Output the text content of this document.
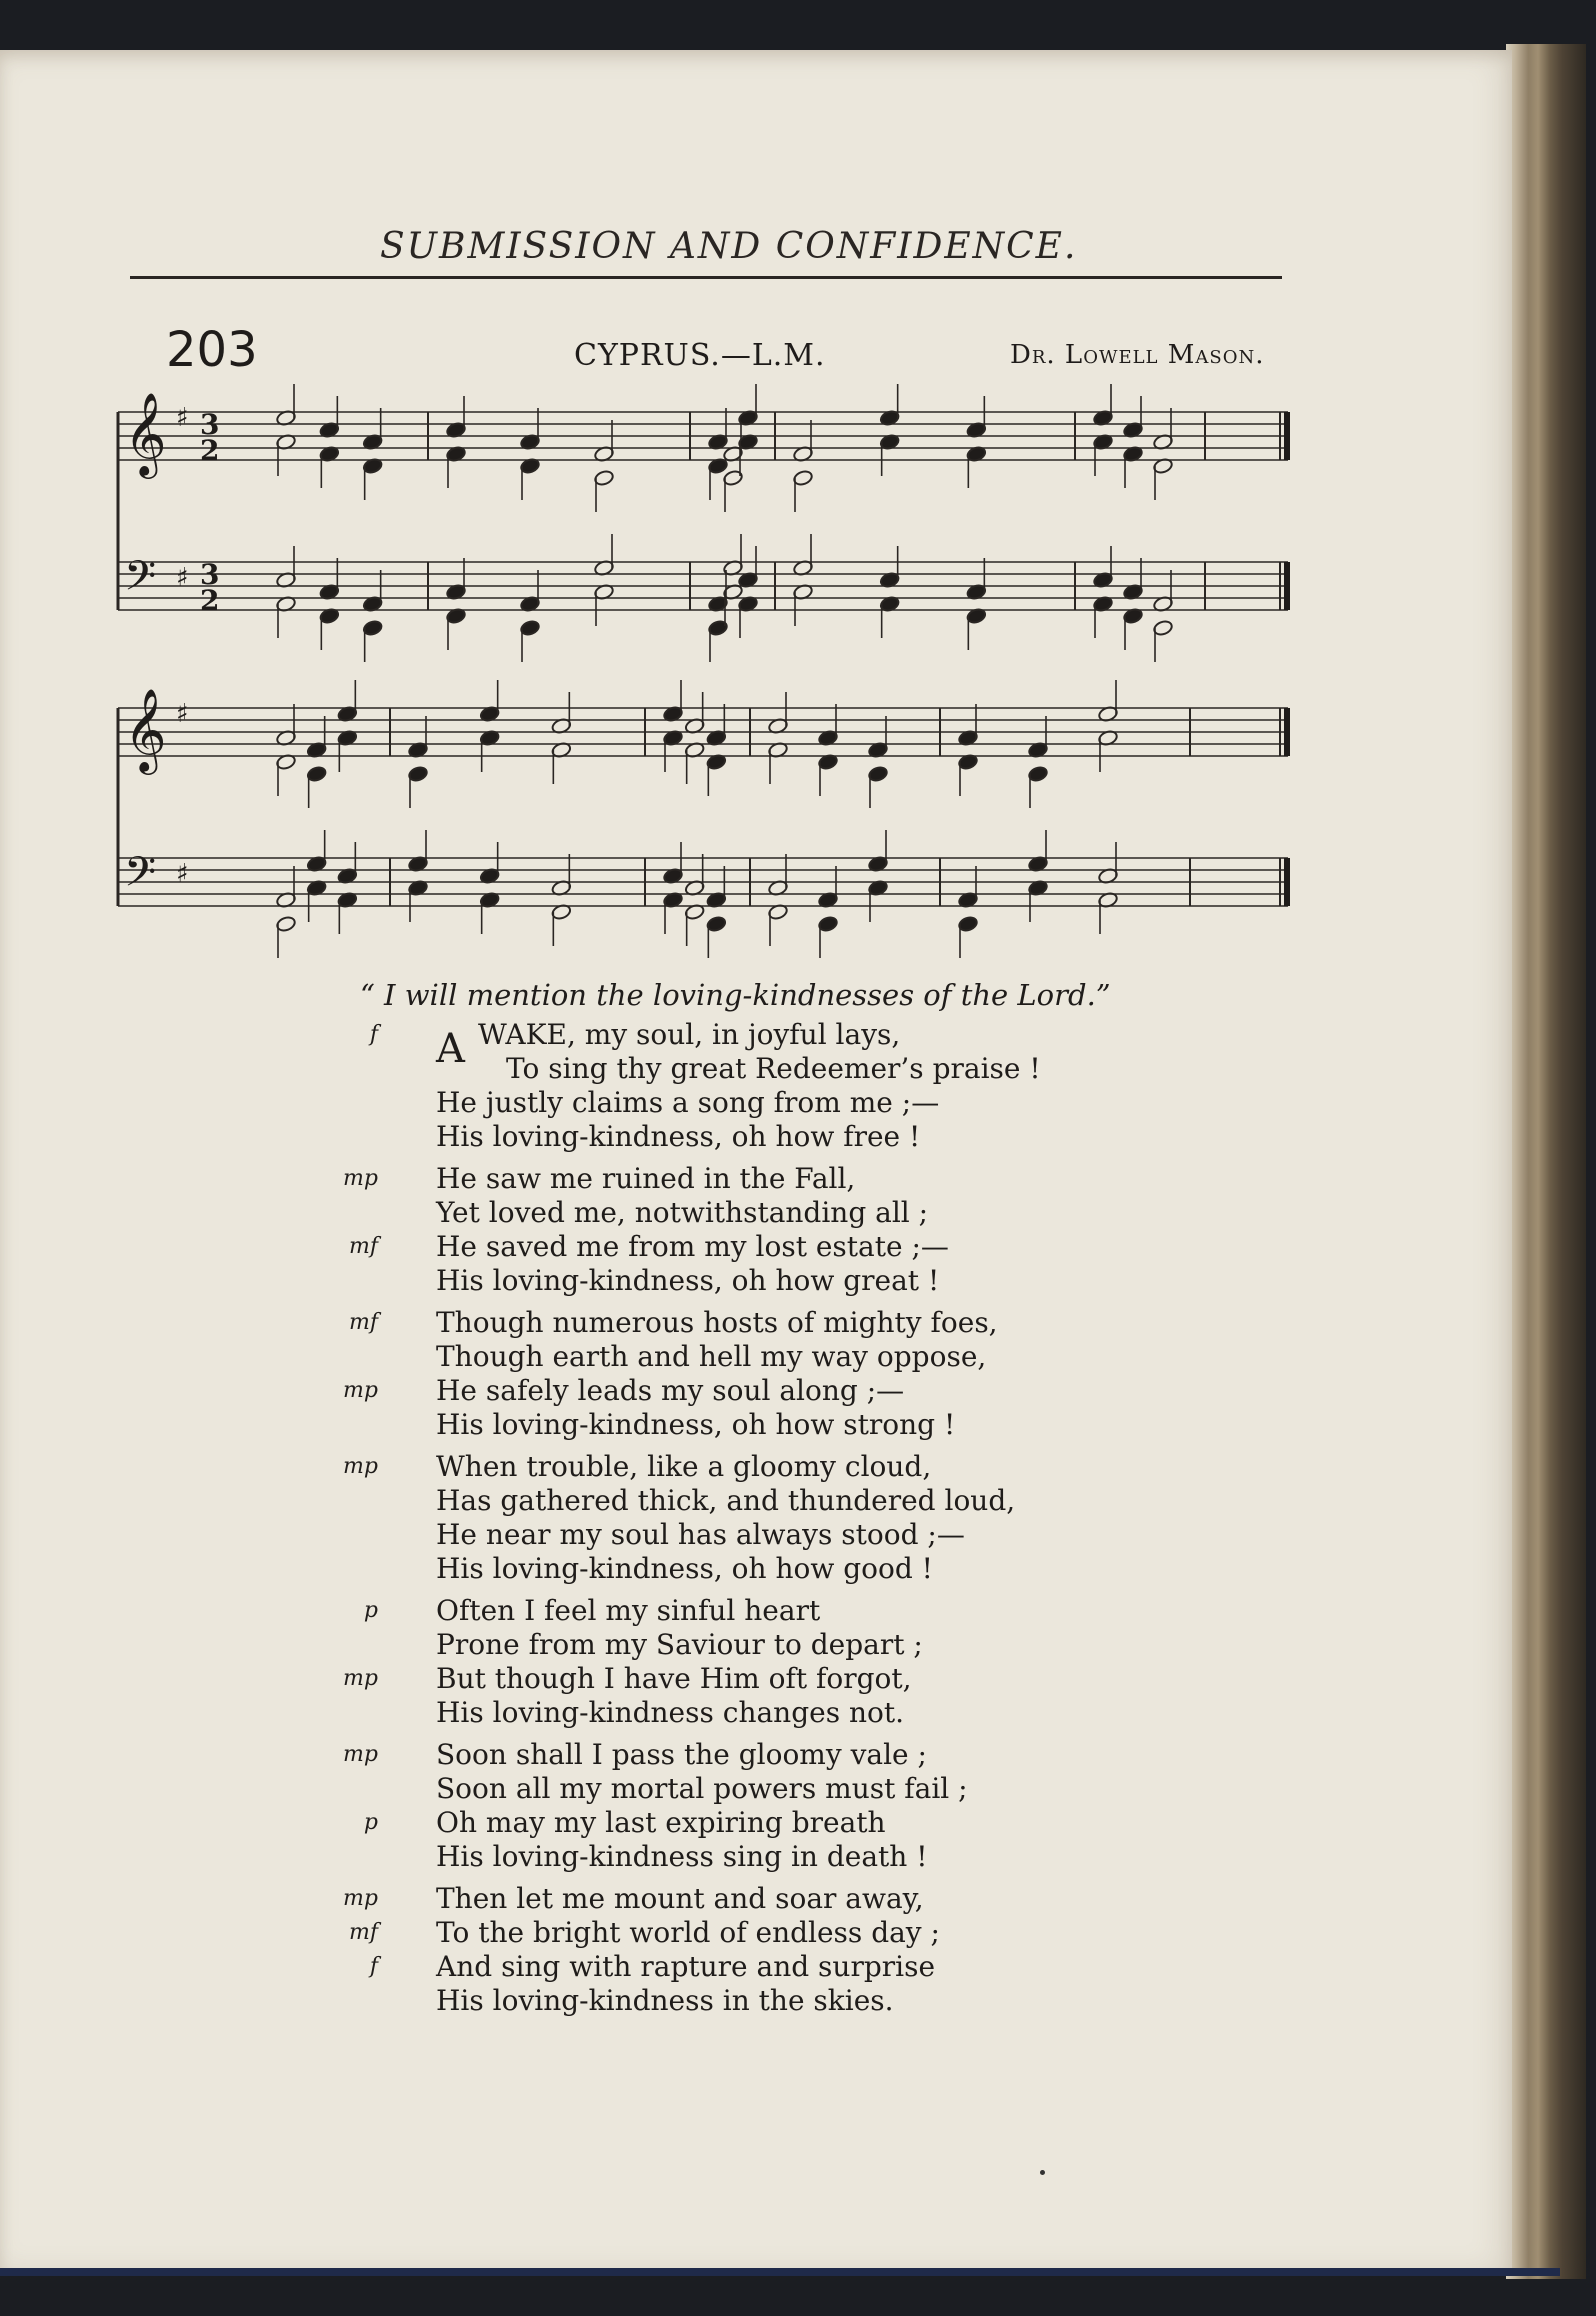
SUBMISSION AND CONFIDENCE.
203	CYPRUS.—L.M.	Dr. Lowell Mason.
𝄞 ♯ 3
2
𝄢 ♯ 3
2
𝄞 ♯
𝄢 ♯
“ I will mention the loving-kindnesses of the Lord.”
f A WAKE, my soul, in joyful lays,
To sing thy great Redeemer’s praise !
He justly claims a song from me ;—
His loving-kindness, oh how free !
mp He saw me ruined in the Fall,
Yet loved me, notwithstanding all ;
mf He saved me from my lost estate ;—
His loving-kindness, oh how great !
mf Though numerous hosts of mighty foes,
Though earth and hell my way oppose,
mp He safely leads my soul along ;—
His loving-kindness, oh how strong !
mp When trouble, like a gloomy cloud,
Has gathered thick, and thundered loud,
He near my soul has always stood ;—
His loving-kindness, oh how good !
p Often I feel my sinful heart
Prone from my Saviour to depart ;
mp But though I have Him oft forgot,
His loving-kindness changes not.
mp Soon shall I pass the gloomy vale ;
Soon all my mortal powers must fail ;
p Oh may my last expiring breath
His loving-kindness sing in death !
mp Then let me mount and soar away,
mf To the bright world of endless day ;
f And sing with rapture and surprise
His loving-kindness in the skies.
